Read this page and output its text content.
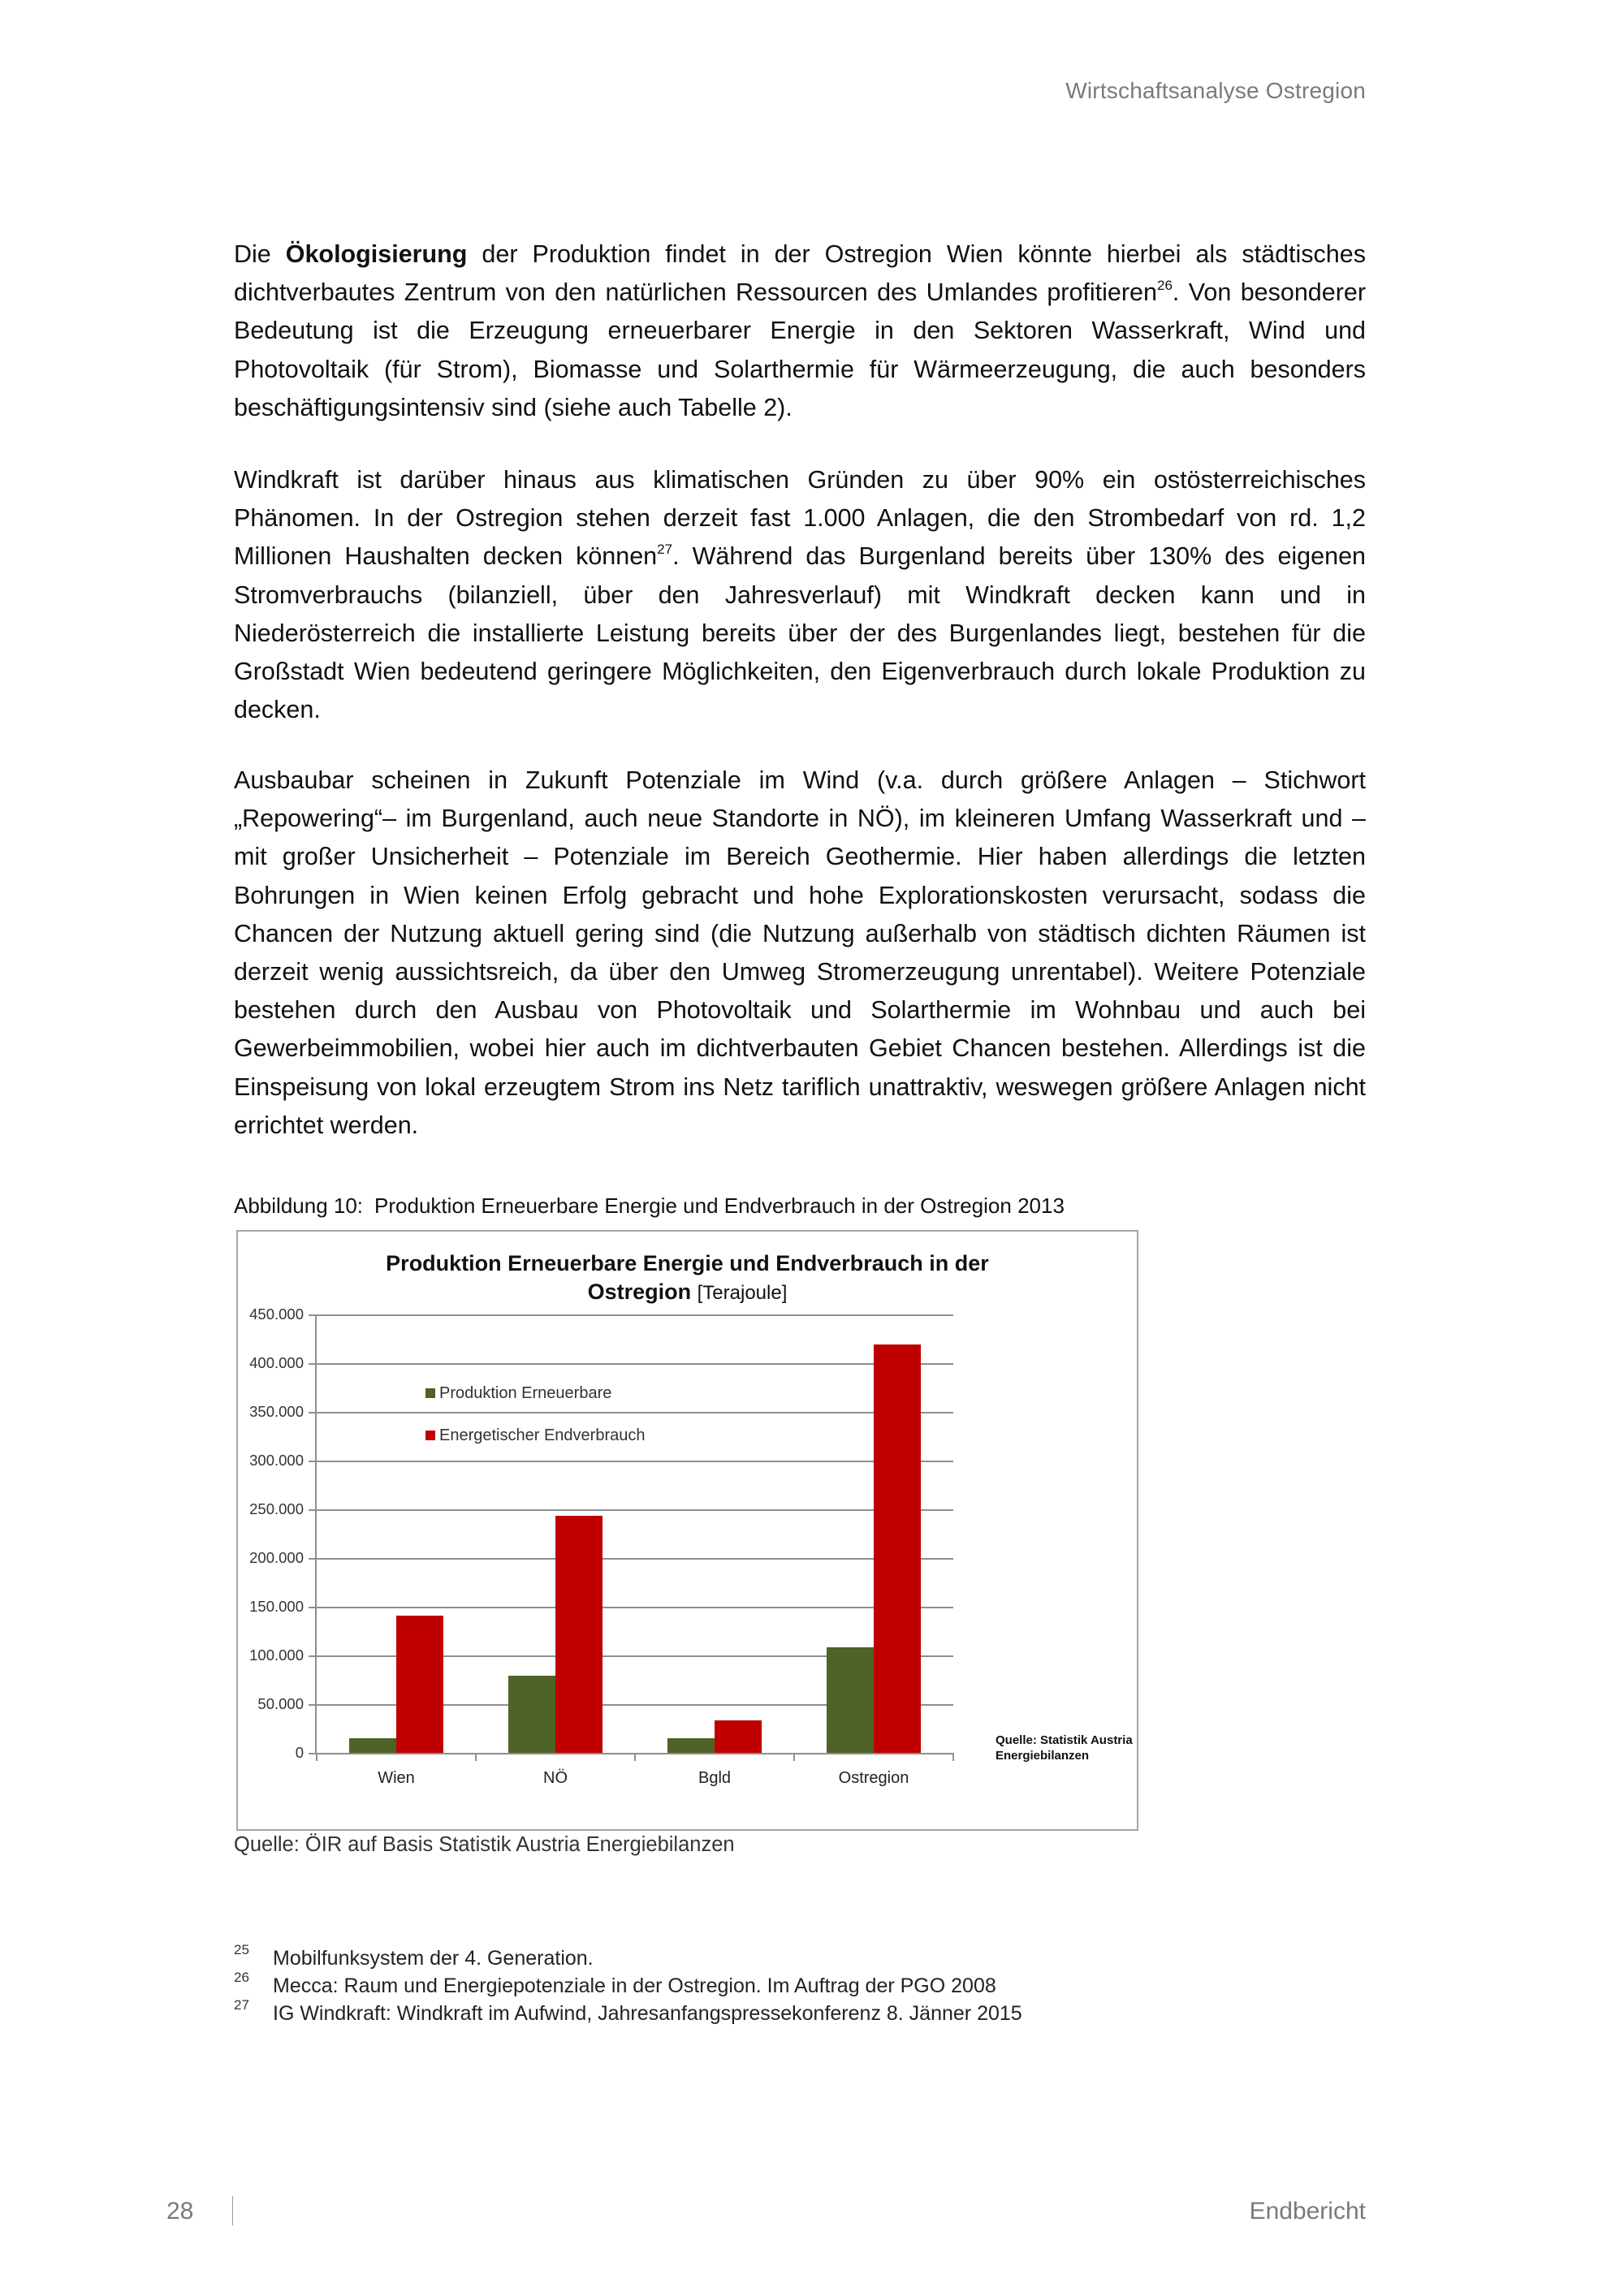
Wirtschaftsanalyse Ostregion
Die Ökologisierung der Produktion findet in der Ostregion Wien könnte hierbei als städtisches dichtverbautes Zentrum von den natürlichen Ressourcen des Umlandes profitieren$^{26}$. Von besonderer Bedeutung ist die Erzeugung erneuerbarer Energie in den Sektoren Wasserkraft, Wind und Photovoltaik (für Strom), Biomasse und Solarthermie für Wärmeerzeugung, die auch besonders beschäftigungsintensiv sind (siehe auch Tabelle 2).
Windkraft ist darüber hinaus aus klimatischen Gründen zu über 90% ein ostösterreichisches Phänomen. In der Ostregion stehen derzeit fast 1.000 Anlagen, die den Strombedarf von rd. 1,2 Millionen Haushalten decken können$^{27}$. Während das Burgenland bereits über 130% des eigenen Stromverbrauchs (bilanziell, über den Jahresverlauf) mit Windkraft decken kann und in Niederösterreich die installierte Leistung bereits über der des Burgenlandes liegt, bestehen für die Großstadt Wien bedeutend geringere Möglichkeiten, den Eigenverbrauch durch lokale Produktion zu decken.
Ausbaubar scheinen in Zukunft Potenziale im Wind (v.a. durch größere Anlagen – Stichwort „Repowering“– im Burgenland, auch neue Standorte in NÖ), im kleineren Umfang Wasserkraft und – mit großer Unsicherheit – Potenziale im Bereich Geothermie. Hier haben allerdings die letzten Bohrungen in Wien keinen Erfolg gebracht und hohe Explorationskosten verursacht, sodass die Chancen der Nutzung aktuell gering sind (die Nutzung außerhalb von städtisch dichten Räumen ist derzeit wenig aussichtsreich, da über den Umweg Stromerzeugung unrentabel). Weitere Potenziale bestehen durch den Ausbau von Photovoltaik und Solarthermie im Wohnbau und auch bei Gewerbeimmobilien, wobei hier auch im dichtverbauten Gebiet Chancen bestehen. Allerdings ist die Einspeisung von lokal erzeugtem Strom ins Netz tariflich unattraktiv, weswegen größere Anlagen nicht errichtet werden.
Abbildung 10: Produktion Erneuerbare Energie und Endverbrauch in der Ostregion 2013
Produktion Erneuerbare Energie und Endverbrauch in der
Ostregion [Terajoule]
0
50.000
100.000
150.000
200.000
250.000
300.000
350.000
400.000
450.000
Wien	NÖ	Bgld	Ostregion
Produktion Erneuerbare
Energetischer Endverbrauch
Quelle: Statistik Austria
Energiebilanzen
Quelle: ÖIR auf Basis Statistik Austria Energiebilanzen
25 Mobilfunksystem der 4. Generation.
26 Mecca: Raum und Energiepotenziale in der Ostregion. Im Auftrag der PGO 2008
27 IG Windkraft: Windkraft im Aufwind, Jahresanfangspressekonferenz 8. Jänner 2015
28	Endbericht
